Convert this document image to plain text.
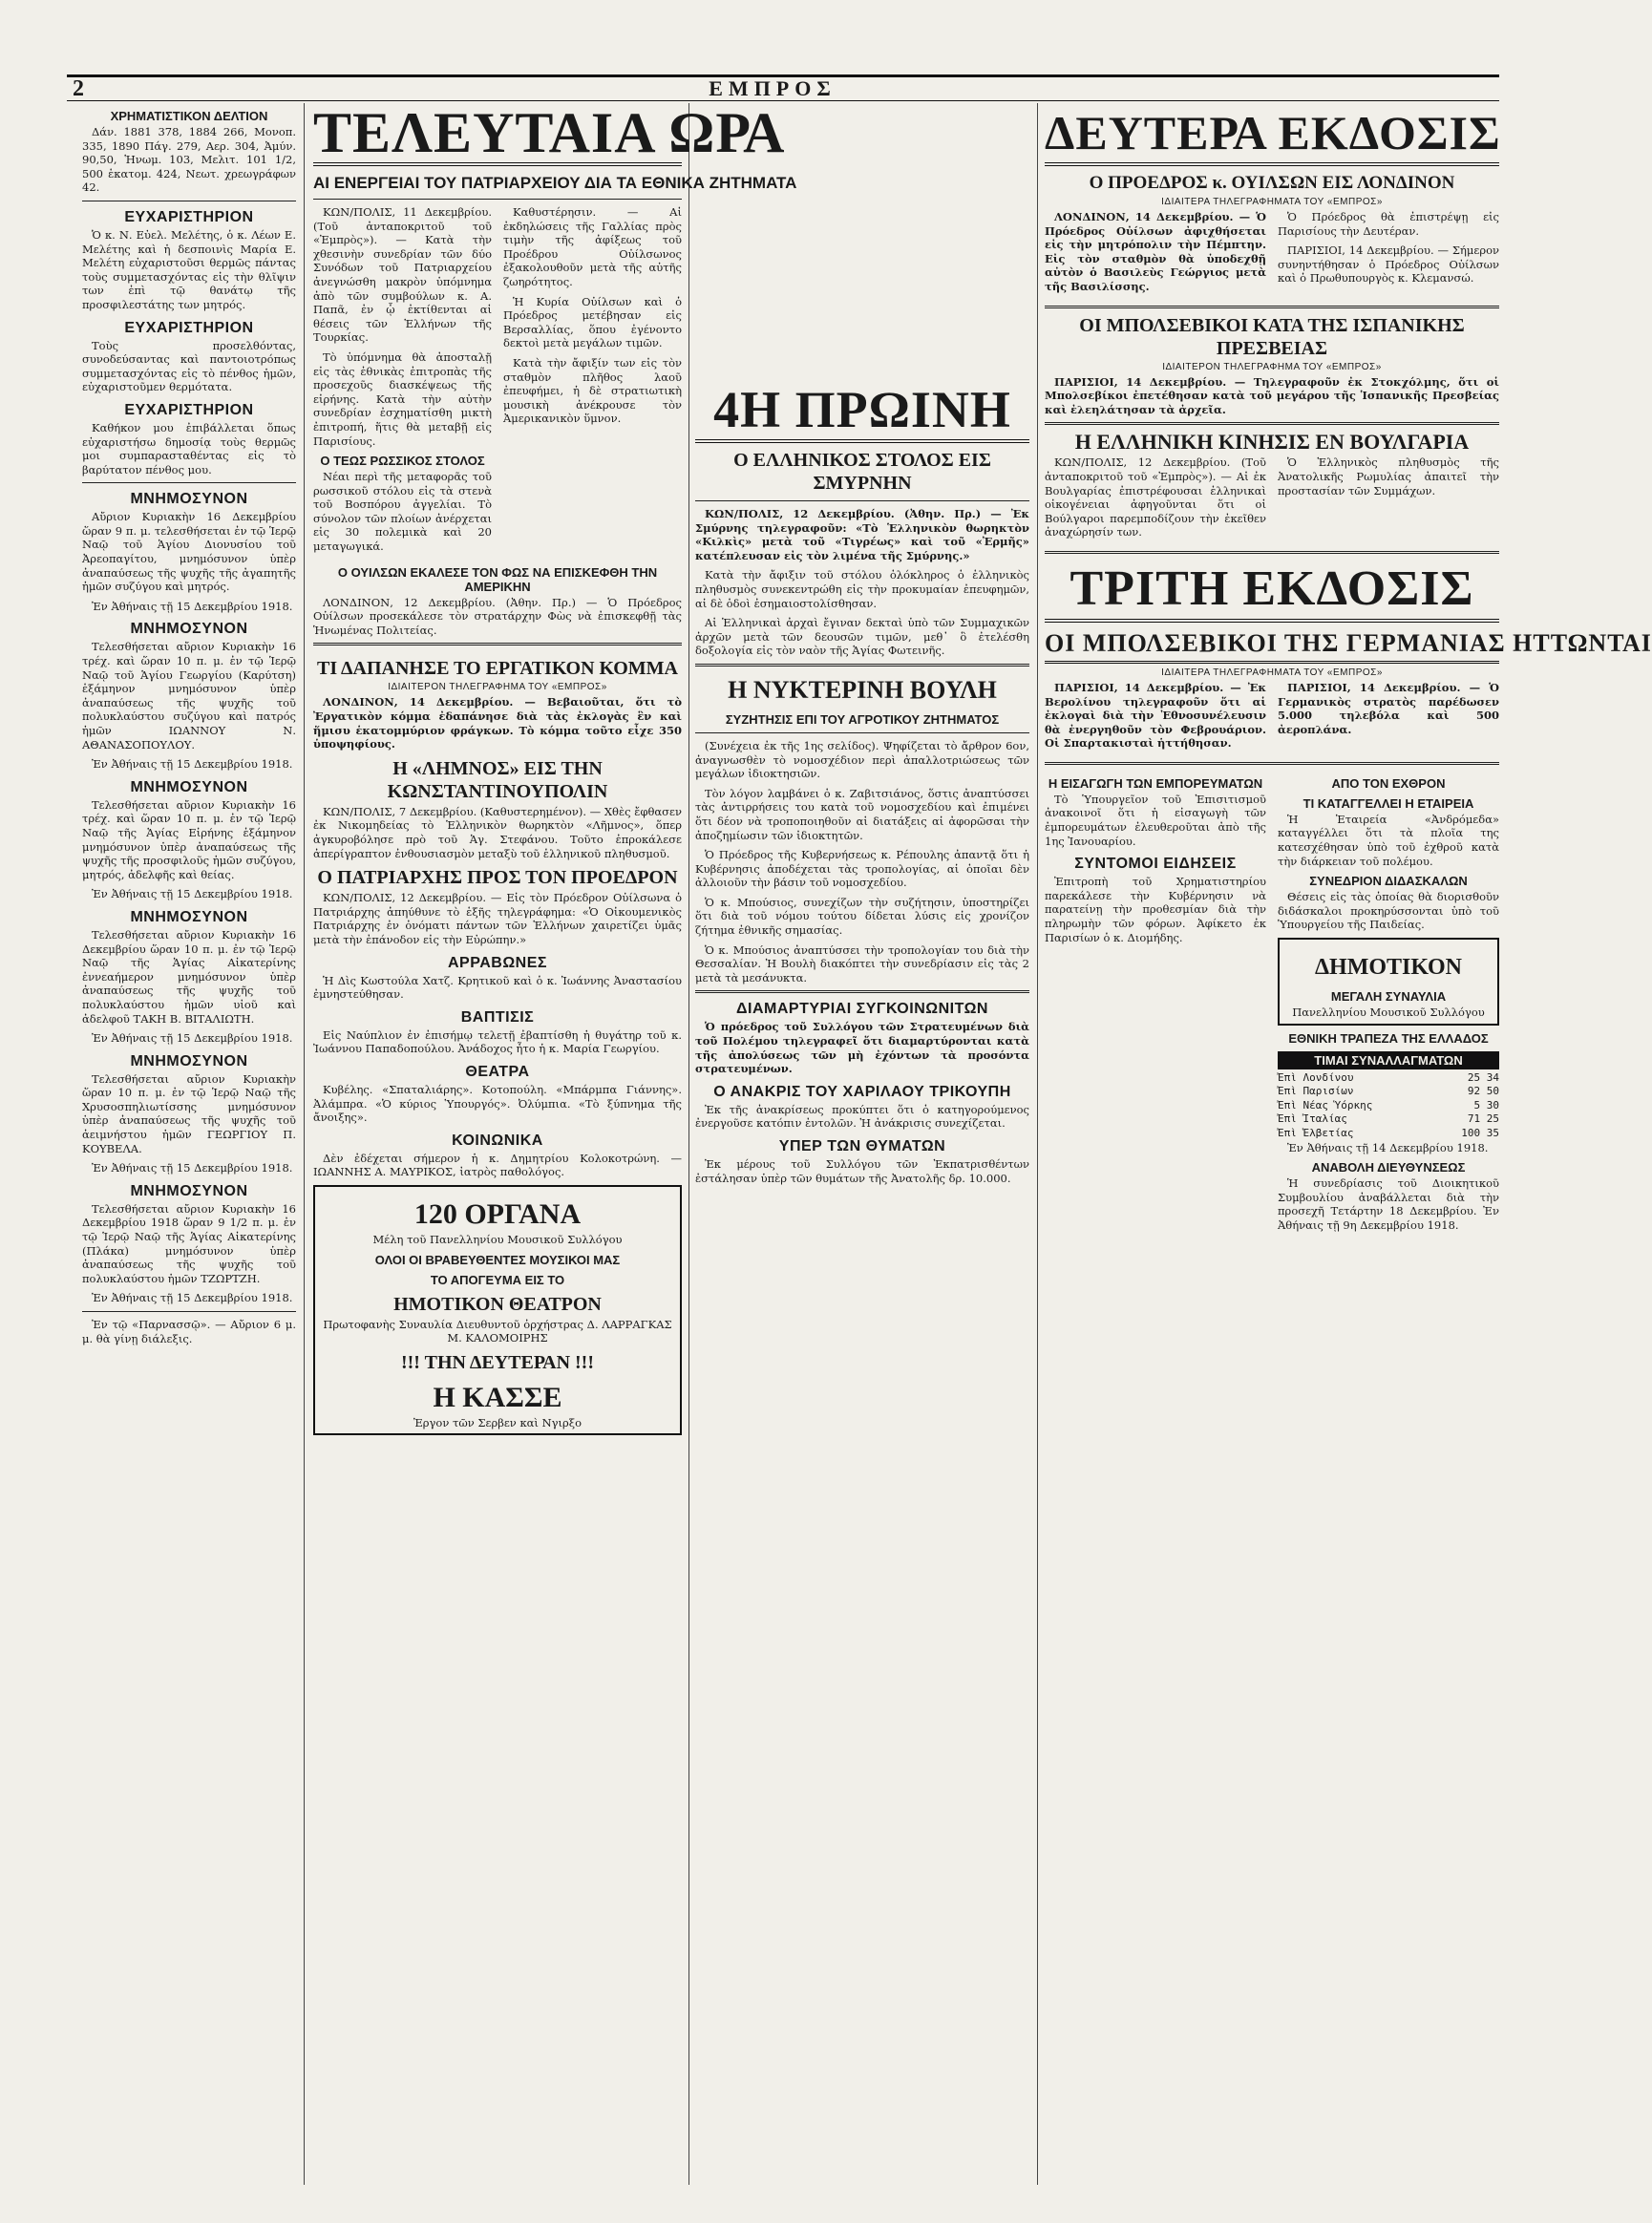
2	ΕΜΠΡΟΣ
ΧΡΗΜΑΤΙΣΤΙΚΟΝ ΔΕΛΤΙΟΝ

Δάν. 1881 378, 1884 266, Μονοπ. 335, 1890 Πάγ. 279, Αερ. 304, Ἀμύν. 90,50, Ἡνωμ. 103, Μελιτ. 101 1/2, 500 ἑκατομ. 424, Νεωτ. χρεωγράφων 42.

ΕΥΧΑΡΙΣΤΗΡΙΟΝ

Ὁ κ. Ν. Εὐελ. Μελέτης, ὁ κ. Λέων Ε. Μελέτης καὶ ἡ δεσποινὶς Μαρία Ε. Μελέτη εὐχαριστοῦσι θερμῶς πάντας τοὺς συμμετασχόντας εἰς τὴν θλῖψιν των ἐπὶ τῷ θανάτῳ τῆς προσφιλεστάτης των μητρός.

ΕΥΧΑΡΙΣΤΗΡΙΟΝ

Τοὺς προσελθόντας, συνοδεύσαντας καὶ παντοιοτρόπως συμμετασχόντας εἰς τὸ πένθος ἡμῶν, εὐχαριστοῦμεν θερμότατα.

ΕΥΧΑΡΙΣΤΗΡΙΟΝ

Καθήκον μου ἐπιβάλλεται ὅπως εὐχαριστήσω δημοσίᾳ τοὺς θερμῶς μοι συμπαρασταθέντας εἰς τὸ βαρύτατον πένθος μου.

ΜΝΗΜΟΣΥΝΟΝ

Αὔριον Κυριακὴν 16 Δεκεμβρίου ὥραν 9 π. μ. τελεσθήσεται ἐν τῷ Ἱερῷ Ναῷ τοῦ Ἁγίου Διονυσίου τοῦ Ἀρεοπαγίτου, μνημόσυνον ὑπὲρ ἀναπαύσεως τῆς ψυχῆς τῆς ἀγαπητῆς ἡμῶν συζύγου καὶ μητρός.

Ἐν Ἀθήναις τῇ 15 Δεκεμβρίου 1918.

ΜΝΗΜΟΣΥΝΟΝ

Τελεσθήσεται αὔριον Κυριακὴν 16 τρέχ. καὶ ὥραν 10 π. μ. ἐν τῷ Ἱερῷ Ναῷ τοῦ Ἁγίου Γεωργίου (Καρύτση) ἑξάμηνον μνημόσυνον ὑπὲρ ἀναπαύσεως τῆς ψυχῆς τοῦ πολυκλαύστου συζύγου καὶ πατρός ἡμῶν ΙΩΑΝΝΟΥ Ν. ΑΘΑΝΑΣΟΠΟΥΛΟΥ.

Ἐν Ἀθήναις τῇ 15 Δεκεμβρίου 1918.

ΜΝΗΜΟΣΥΝΟΝ

Τελεσθήσεται αὔριον Κυριακὴν 16 τρέχ. καὶ ὥραν 10 π. μ. ἐν τῷ Ἱερῷ Ναῷ τῆς Ἁγίας Εἰρήνης ἑξάμηνον μνημόσυνον ὑπὲρ ἀναπαύσεως τῆς ψυχῆς τῆς προσφιλοῦς ἡμῶν συζύγου, μητρός, ἀδελφῆς καὶ θείας.

Ἐν Ἀθήναις τῇ 15 Δεκεμβρίου 1918.

ΜΝΗΜΟΣΥΝΟΝ

Τελεσθήσεται αὔριον Κυριακὴν 16 Δεκεμβρίου ὥραν 10 π. μ. ἐν τῷ Ἱερῷ Ναῷ τῆς Ἁγίας Αἰκατερίνης ἐννεαήμερον μνημόσυνον ὑπὲρ ἀναπαύσεως τῆς ψυχῆς τοῦ πολυκλαύστου ἡμῶν υἱοῦ καὶ ἀδελφοῦ ΤΑΚΗ Β. ΒΙΤΑΛΙΩΤΗ.

Ἐν Ἀθήναις τῇ 15 Δεκεμβρίου 1918.

ΜΝΗΜΟΣΥΝΟΝ

Τελεσθήσεται αὔριον Κυριακὴν ὥραν 10 π. μ. ἐν τῷ Ἱερῷ Ναῷ τῆς Χρυσοσπηλιωτίσσης μνημόσυνον ὑπὲρ ἀναπαύσεως τῆς ψυχῆς τοῦ ἀειμνήστου ἡμῶν ΓΕΩΡΓΙΟΥ Π. ΚΟΥΒΕΛΑ.

Ἐν Ἀθήναις τῇ 15 Δεκεμβρίου 1918.

ΜΝΗΜΟΣΥΝΟΝ

Τελεσθήσεται αὔριον Κυριακὴν 16 Δεκεμβρίου 1918 ὥραν 9 1/2 π. μ. ἐν τῷ Ἱερῷ Ναῷ τῆς Ἁγίας Αἰκατερίνης (Πλάκα) μνημόσυνον ὑπὲρ ἀναπαύσεως τῆς ψυχῆς τοῦ πολυκλαύστου ἡμῶν ΤΖΩΡΤΖΗ.

Ἐν Ἀθήναις τῇ 15 Δεκεμβρίου 1918.

Ἐν τῷ «Παρνασσῷ». — Αὔριον 6 μ. μ. θὰ γίνῃ διάλεξις.

ΤΕΛΕΥΤΑΙΑ ΩΡΑ
ΑΙ ΕΝΕΡΓΕΙΑΙ ΤΟΥ ΠΑΤΡΙΑΡΧΕΙΟΥ ΔΙΑ ΤΑ ΕΘΝΙΚΑ ΖΗΤΗΜΑΤΑ

ΚΩΝ/ΠΟΛΙΣ, 11 Δεκεμβρίου. (Τοῦ ἀνταποκριτοῦ τοῦ «Ἐμπρὸς»). — Κατὰ τὴν χθεσινὴν συνεδρίαν τῶν δύο Συνόδων τοῦ Πατριαρχείου ἀνεγνώσθη μακρὸν ὑπόμνημα ἀπὸ τῶν συμβούλων κ. Α. Παπᾶ, ἐν ᾧ ἐκτίθενται αἱ θέσεις τῶν Ἑλλήνων τῆς Τουρκίας.

Τὸ ὑπόμνημα θὰ ἀποσταλῇ εἰς τὰς ἐθνικὰς ἐπιτροπὰς τῆς προσεχοῦς διασκέψεως τῆς εἰρήνης. Κατὰ τὴν αὐτὴν συνεδρίαν ἐσχηματίσθη μικτὴ ἐπιτροπή, ἥτις θὰ μεταβῇ εἰς Παρισίους.

Ο ΤΕΩΣ ΡΩΣΣΙΚΟΣ ΣΤΟΛΟΣ

Νέαι περὶ τῆς μεταφορᾶς τοῦ ρωσσικοῦ στόλου εἰς τὰ στενὰ τοῦ Βοσπόρου ἀγγελίαι. Τὸ σύνολον τῶν πλοίων ἀνέρχεται εἰς 30 πολεμικὰ καὶ 20 μεταγωγικά.

Καθυστέρησιν. — Αἱ ἐκδηλώσεις τῆς Γαλλίας πρὸς τιμὴν τῆς ἀφίξεως τοῦ Προέδρου Οὐίλσωνος ἐξακολουθοῦν μετὰ τῆς αὐτῆς ζωηρότητος.

Ἡ Κυρία Οὐίλσων καὶ ὁ Πρόεδρος μετέβησαν εἰς Βερσαλλίας, ὅπου ἐγένοντο δεκτοὶ μετὰ μεγάλων τιμῶν.

Κατὰ τὴν ἄφιξίν των εἰς τὸν σταθμὸν πλῆθος λαοῦ ἐπευφήμει, ἡ δὲ στρατιωτικὴ μουσικὴ ἀνέκρουσε τὸν Ἀμερικανικὸν ὕμνον.

Ο ΟΥΙΛΣΩΝ ΕΚΑΛΕΣΕ ΤΟΝ ΦΩΣ ΝΑ ΕΠΙΣΚΕΦΘΗ ΤΗΝ ΑΜΕΡΙΚΗΝ

ΛΟΝΔΙΝΟΝ, 12 Δεκεμβρίου. (Ἀθην. Πρ.) — Ὁ Πρόεδρος Οὐίλσων προσεκάλεσε τὸν στρατάρχην Φὼς νὰ ἐπισκεφθῇ τὰς Ἡνωμένας Πολιτείας.

ΤΙ ΔΑΠΑΝΗΣΕ ΤΟ ΕΡΓΑΤΙΚΟΝ ΚΟΜΜΑ
ΙΔΙΑΙΤΕΡΟΝ ΤΗΛΕΓΡΑΦΗΜΑ ΤΟΥ «ΕΜΠΡΟΣ»

ΛΟΝΔΙΝΟΝ, 14 Δεκεμβρίου. — Βεβαιοῦται, ὅτι τὸ Ἐργατικὸν κόμμα ἐδαπάνησε διὰ τὰς ἐκλογὰς ἓν καὶ ἥμισυ ἑκατομμύριον φράγκων. Τὸ κόμμα τοῦτο εἶχε 350 ὑποψηφίους.

Η «ΛΗΜΝΟΣ» ΕΙΣ ΤΗΝ ΚΩΝΣΤΑΝΤΙΝΟΥΠΟΛΙΝ

ΚΩΝ/ΠΟΛΙΣ, 7 Δεκεμβρίου. (Καθυστερημένον). — Χθὲς ἔφθασεν ἐκ Νικομηδείας τὸ Ἑλληνικὸν θωρηκτὸν «Λῆμνος», ὅπερ ἀγκυροβόλησε πρὸ τοῦ Ἁγ. Στεφάνου. Τοῦτο ἐπροκάλεσε ἀπερίγραπτον ἐνθουσιασμὸν μεταξὺ τοῦ ἑλληνικοῦ πληθυσμοῦ.

Ο ΠΑΤΡΙΑΡΧΗΣ ΠΡΟΣ ΤΟΝ ΠΡΟΕΔΡΟΝ

ΚΩΝ/ΠΟΛΙΣ, 12 Δεκεμβρίου. — Εἰς τὸν Πρόεδρον Οὐίλσωνα ὁ Πατριάρχης ἀπηύθυνε τὸ ἑξῆς τηλεγράφημα: «Ὁ Οἰκουμενικὸς Πατριάρχης ἐν ὀνόματι πάντων τῶν Ἑλλήνων χαιρετίζει ὑμᾶς μετὰ τὴν ἐπάνοδον εἰς τὴν Εὐρώπην.»

ΑΡΡΑΒΩΝΕΣ

Ἡ Δὶς Κωστούλα Χατζ. Κρητικοῦ καὶ ὁ κ. Ἰωάννης Ἀναστασίου ἐμνηστεύθησαν.

ΒΑΠΤΙΣΙΣ

Εἰς Ναύπλιον ἐν ἐπισήμῳ τελετῇ ἐβαπτίσθη ἡ θυγάτηρ τοῦ κ. Ἰωάννου Παπαδοπούλου. Ἀνάδοχος ἦτο ἡ κ. Μαρία Γεωργίου.

ΘΕΑΤΡΑ

Κυβέλης. «Σπαταλιάρης». Κοτοπούλη. «Μπάρμπα Γιάννης». Ἀλάμπρα. «Ὁ κύριος Ὑπουργός». Ὀλύμπια. «Τὸ ξύπνημα τῆς ἄνοιξης».

ΚΟΙΝΩΝΙΚΑ

Δὲν ἐδέχεται σήμερον ἡ κ. Δημητρίου Κολοκοτρώνη. — ΙΩΑΝΝΗΣ Α. ΜΑΥΡΙΚΟΣ, ἰατρὸς παθολόγος.

120 ΟΡΓΑΝΑ
Μέλη τοῦ Πανελληνίου Μουσικοῦ Συλλόγου
ΟΛΟΙ ΟΙ ΒΡΑΒΕΥΘΕΝΤΕΣ ΜΟΥΣΙΚΟΙ ΜΑΣ
ΤΟ ΑΠΟΓΕΥΜΑ ΕΙΣ ΤΟ
ΗΜΟΤΙΚΟΝ ΘΕΑΤΡΟΝ
Πρωτοφανὴς Συναυλία Διευθυντοῦ ὀρχήστρας Δ. ΛΑΡΡΑΓΚΑΣ Μ. ΚΑΛΟΜΟΙΡΗΣ
!!! ΤΗΝ ΔΕΥΤΕΡΑΝ !!!
Η ΚΑΣΣΕ
Ἐργον τῶν Σερβεν καὶ Νγιρξο
4Η ΠΡΩΙΝΗ
Ο ΕΛΛΗΝΙΚΟΣ ΣΤΟΛΟΣ ΕΙΣ ΣΜΥΡΝΗΝ

ΚΩΝ/ΠΟΛΙΣ, 12 Δεκεμβρίου. (Ἀθην. Πρ.) — Ἐκ Σμύρνης τηλεγραφοῦν: «Τὸ Ἑλληνικὸν θωρηκτὸν «Κιλκὶς» μετὰ τοῦ «Τιγρέως» καὶ τοῦ «Ἐρμῆς» κατέπλευσαν εἰς τὸν λιμένα τῆς Σμύρνης.»

Κατὰ τὴν ἄφιξιν τοῦ στόλου ὁλόκληρος ὁ ἑλληνικὸς πληθυσμὸς συνεκεντρώθη εἰς τὴν προκυμαίαν ἐπευφημῶν, αἱ δὲ ὁδοὶ ἐσημαιοστολίσθησαν.

Αἱ Ἑλληνικαὶ ἀρχαὶ ἔγιναν δεκταὶ ὑπὸ τῶν Συμμαχικῶν ἀρχῶν μετὰ τῶν δεουσῶν τιμῶν, μεθ᾽ ὃ ἐτελέσθη δοξολογία εἰς τὸν ναὸν τῆς Ἁγίας Φωτεινῆς.

Η ΝΥΚΤΕΡΙΝΗ ΒΟΥΛΗ
ΣΥΖΗΤΗΣΙΣ ΕΠΙ ΤΟΥ ΑΓΡΟΤΙΚΟΥ ΖΗΤΗΜΑΤΟΣ

(Συνέχεια ἐκ τῆς 1ης σελίδος). Ψηφίζεται τὸ ἄρθρον 6ον, ἀναγνωσθὲν τὸ νομοσχέδιον περὶ ἀπαλλοτριώσεως τῶν μεγάλων ἰδιοκτησιῶν.

Τὸν λόγον λαμβάνει ὁ κ. Ζαβιτσιάνος, ὅστις ἀναπτύσσει τὰς ἀντιρρήσεις του κατὰ τοῦ νομοσχεδίου καὶ ἐπιμένει ὅτι δέον νὰ τροποποιηθοῦν αἱ διατάξεις αἱ ἀφορῶσαι τὴν ἀποζημίωσιν τῶν ἰδιοκτητῶν.

Ὁ Πρόεδρος τῆς Κυβερνήσεως κ. Ρέπουλης ἀπαντᾷ ὅτι ἡ Κυβέρνησις ἀποδέχεται τὰς τροπολογίας, αἱ ὁποῖαι δὲν ἀλλοιοῦν τὴν βάσιν τοῦ νομοσχεδίου.

Ὁ κ. Μπούσιος, συνεχίζων τὴν συζήτησιν, ὑποστηρίζει ὅτι διὰ τοῦ νόμου τούτου δίδεται λύσις εἰς χρονίζον ζήτημα ἐθνικῆς σημασίας.

Ὁ κ. Μπούσιος ἀναπτύσσει τὴν τροπολογίαν του διὰ τὴν Θεσσαλίαν. Ἡ Βουλὴ διακόπτει τὴν συνεδρίασιν εἰς τὰς 2 μετὰ τὰ μεσάνυκτα.

ΔΙΑΜΑΡΤΥΡΙΑΙ ΣΥΓΚΟΙΝΩΝΙΤΩΝ

Ὁ πρόεδρος τοῦ Συλλόγου τῶν Στρατευμένων διὰ τοῦ Πολέμου τηλεγραφεῖ ὅτι διαμαρτύρονται κατὰ τῆς ἀπολύσεως τῶν μὴ ἐχόντων τὰ προσόντα στρατευμένων.

Ο ΑΝΑΚΡΙΣ ΤΟΥ ΧΑΡΙΛΑΟΥ ΤΡΙΚΟΥΠΗ

Ἐκ τῆς ἀνακρίσεως προκύπτει ὅτι ὁ κατηγορούμενος ἐνεργοῦσε κατόπιν ἐντολῶν. Ἡ ἀνάκρισις συνεχίζεται.

ΥΠΕΡ ΤΩΝ ΘΥΜΑΤΩΝ

Ἐκ μέρους τοῦ Συλλόγου τῶν Ἐκπατρισθέντων ἐστάλησαν ὑπὲρ τῶν θυμάτων τῆς Ἀνατολῆς δρ. 10.000.

ΔΕΥΤΕΡΑ ΕΚΔΟΣΙΣ
Ο ΠΡΟΕΔΡΟΣ κ. ΟΥΙΛΣΩΝ ΕΙΣ ΛΟΝΔΙΝΟΝ
ΙΔΙΑΙΤΕΡΑ ΤΗΛΕΓΡΑΦΗΜΑΤΑ ΤΟΥ «ΕΜΠΡΟΣ»

ΛΟΝΔΙΝΟΝ, 14 Δεκεμβρίου. — Ὁ Πρόεδρος Οὐίλσων ἀφιχθήσεται εἰς τὴν μητρόπολιν τὴν Πέμπτην. Εἰς τὸν σταθμὸν θὰ ὑποδεχθῇ αὐτὸν ὁ Βασιλεὺς Γεώργιος μετὰ τῆς Βασιλίσσης.

Ὁ Πρόεδρος θὰ ἐπιστρέψῃ εἰς Παρισίους τὴν Δευτέραν.

ΠΑΡΙΣΙΟΙ, 14 Δεκεμβρίου. — Σήμερον συνηντήθησαν ὁ Πρόεδρος Οὐίλσων καὶ ὁ Πρωθυπουργὸς κ. Κλεμανσώ.

ΟΙ ΜΠΟΛΣΕΒΙΚΟΙ ΚΑΤΑ ΤΗΣ ΙΣΠΑΝΙΚΗΣ ΠΡΕΣΒΕΙΑΣ
ΙΔΙΑΙΤΕΡΟΝ ΤΗΛΕΓΡΑΦΗΜΑ ΤΟΥ «ΕΜΠΡΟΣ»

ΠΑΡΙΣΙΟΙ, 14 Δεκεμβρίου. — Τηλεγραφοῦν ἐκ Στοκχόλμης, ὅτι οἱ Μπολσεβίκοι ἐπετέθησαν κατὰ τοῦ μεγάρου τῆς Ἱσπανικῆς Πρεσβείας καὶ ἐλεηλάτησαν τὰ ἀρχεῖα.

Η ΕΛΛΗΝΙΚΗ ΚΙΝΗΣΙΣ ΕΝ ΒΟΥΛΓΑΡΙΑ

ΚΩΝ/ΠΟΛΙΣ, 12 Δεκεμβρίου. (Τοῦ ἀνταποκριτοῦ τοῦ «Ἐμπρὸς»). — Αἱ ἐκ Βουλγαρίας ἐπιστρέφουσαι ἑλληνικαὶ οἰκογένειαι ἀφηγοῦνται ὅτι οἱ Βούλγαροι παρεμποδίζουν τὴν ἐκεῖθεν ἀναχώρησίν των.

Ὁ Ἑλληνικὸς πληθυσμὸς τῆς Ἀνατολικῆς Ρωμυλίας ἀπαιτεῖ τὴν προστασίαν τῶν Συμμάχων.

ΤΡΙΤΗ ΕΚΔΟΣΙΣ
ΟΙ ΜΠΟΛΣΕΒΙΚΟΙ ΤΗΣ ΓΕΡΜΑΝΙΑΣ ΗΤΤΩΝΤΑΙ
ΙΔΙΑΙΤΕΡΑ ΤΗΛΕΓΡΑΦΗΜΑΤΑ ΤΟΥ «ΕΜΠΡΟΣ»

ΠΑΡΙΣΙΟΙ, 14 Δεκεμβρίου. — Ἐκ Βερολίνου τηλεγραφοῦν ὅτι αἱ ἐκλογαὶ διὰ τὴν Ἐθνοσυνέλευσιν θὰ ἐνεργηθοῦν τὸν Φεβρουάριον. Οἱ Σπαρτακισταὶ ἡττήθησαν.

ΠΑΡΙΣΙΟΙ, 14 Δεκεμβρίου. — Ὁ Γερμανικὸς στρατὸς παρέδωσεν 5.000 τηλεβόλα καὶ 500 ἀεροπλάνα.

Η ΕΙΣΑΓΩΓΗ ΤΩΝ ΕΜΠΟΡΕΥΜΑΤΩΝ

Τὸ Ὑπουργεῖον τοῦ Ἐπισιτισμοῦ ἀνακοινοῖ ὅτι ἡ εἰσαγωγὴ τῶν ἐμπορευμάτων ἐλευθεροῦται ἀπὸ τῆς 1ης Ἰανουαρίου.

ΣΥΝΤΟΜΟΙ ΕΙΔΗΣΕΙΣ

Ἐπιτροπὴ τοῦ Χρηματιστηρίου παρεκάλεσε τὴν Κυβέρνησιν νὰ παρατείνῃ τὴν προθεσμίαν διὰ τὴν πληρωμὴν τῶν φόρων. Ἀφίκετο ἐκ Παρισίων ὁ κ. Διομήδης.

ΑΠΟ ΤΟΝ ΕΧΘΡΟΝ
ΤΙ ΚΑΤΑΓΓΕΛΛΕΙ Η ΕΤΑΙΡΕΙΑ

Ἡ Ἐταιρεία «Ἀνδρόμεδα» καταγγέλλει ὅτι τὰ πλοῖα της κατεσχέθησαν ὑπὸ τοῦ ἐχθροῦ κατὰ τὴν διάρκειαν τοῦ πολέμου.

ΣΥΝΕΔΡΙΟΝ ΔΙΔΑΣΚΑΛΩΝ

Θέσεις εἰς τὰς ὁποίας θὰ διορισθοῦν διδάσκαλοι προκηρύσσονται ὑπὸ τοῦ Ὑπουργείου τῆς Παιδείας.

ΔΗΜΟΤΙΚΟΝ
ΜΕΓΑΛΗ ΣΥΝΑΥΛΙΑ
Πανελληνίου Μουσικοῦ Συλλόγου
ΕΘΝΙΚΗ ΤΡΑΠΕΖΑ ΤΗΣ ΕΛΛΑΔΟΣ
ΤΙΜΑΙ ΣΥΝΑΛΛΑΓΜΑΤΩΝ
Ἐπὶ Λονδίνου	25 34
Ἐπὶ Παρισίων	92 50
Ἐπὶ Νέας Ὑόρκης	5 30
Ἐπὶ Ἰταλίας	71 25
Ἐπὶ Ἑλβετίας	100 35

Ἐν Ἀθήναις τῇ 14 Δεκεμβρίου 1918.

ΑΝΑΒΟΛΗ ΔΙΕΥΘΥΝΣΕΩΣ

Ἡ συνεδρίασις τοῦ Διοικητικοῦ Συμβουλίου ἀναβάλλεται διὰ τὴν προσεχῆ Τετάρτην 18 Δεκεμβρίου. Ἐν Ἀθήναις τῇ 9η Δεκεμβρίου 1918.
